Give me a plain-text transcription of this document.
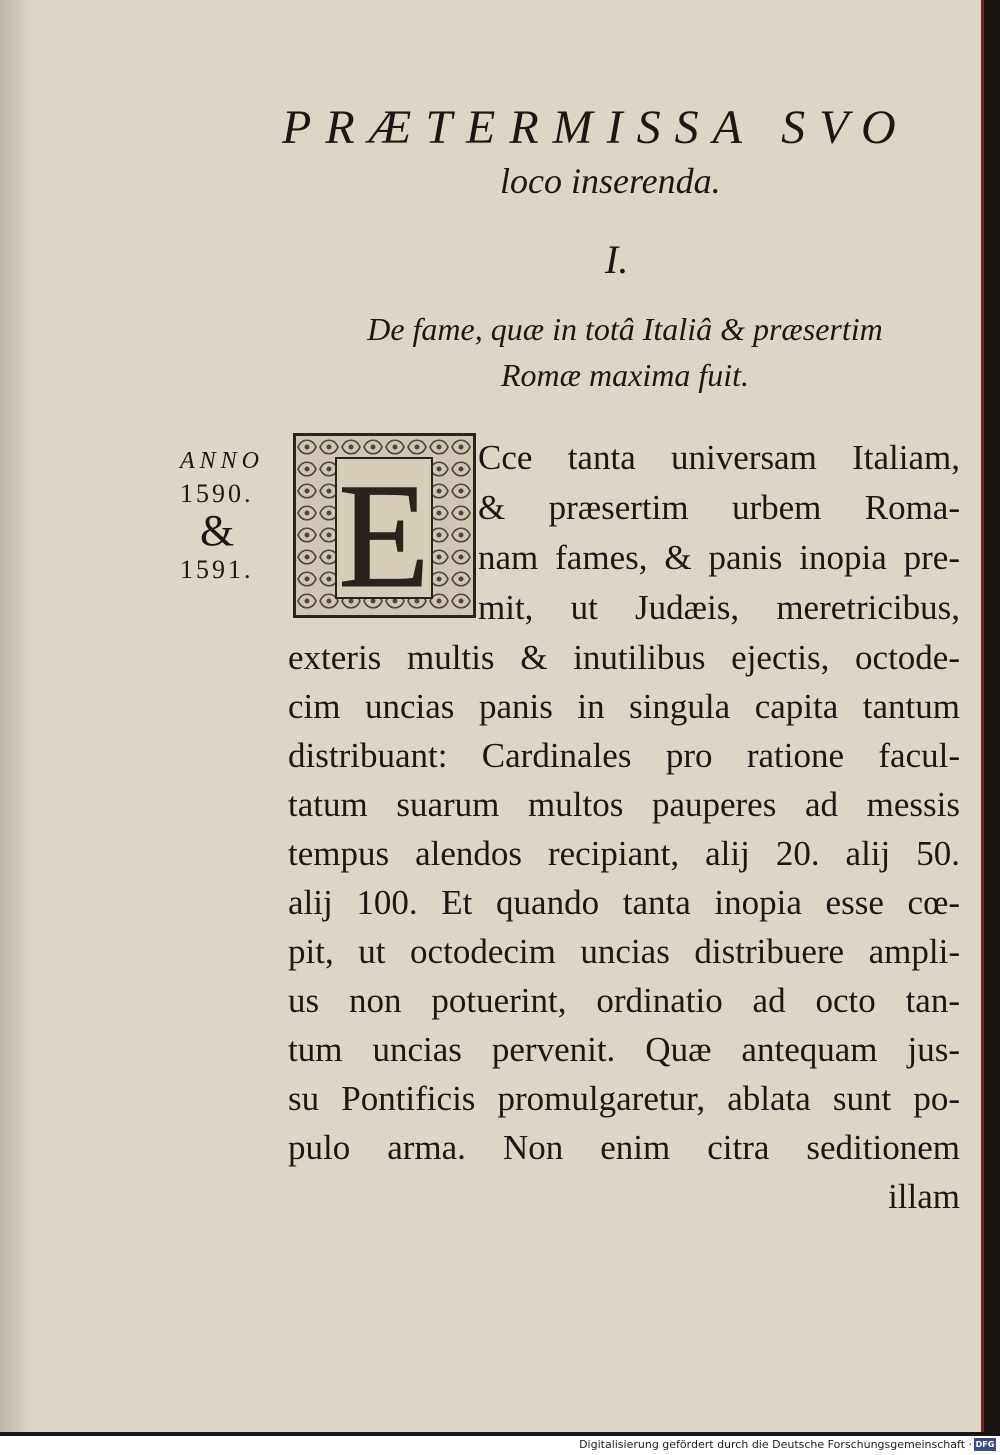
PRÆTERMISSA SVO
loco inserenda.
I.
De fame, quæ in totâ Italiâ & præsertim
Romæ maxima fuit.
ANNO
1590.
&
1591. E Cce tanta universam Italiam,
& præsertim urbem Roma-
nam fames, & panis inopia pre-
mit, ut Judæis, meretricibus,
exteris multis & inutilibus ejectis, octode-
cim uncias panis in singula capita tantum
distribuant: Cardinales pro ratione facul-
tatum suarum multos pauperes ad messis
tempus alendos recipiant, alij 20. alij 50.
alij 100. Et quando tanta inopia esse cœ-
pit, ut octodecim uncias distribuere ampli-
us non potuerint, ordinatio ad octo tan-
tum uncias pervenit. Quæ antequam jus-
su Pontificis promulgaretur, ablata sunt po-
pulo arma. Non enim citra seditionem
illam
Digitalisierung gefördert durch die Deutsche Forschungsgemeinschaft · DFG
